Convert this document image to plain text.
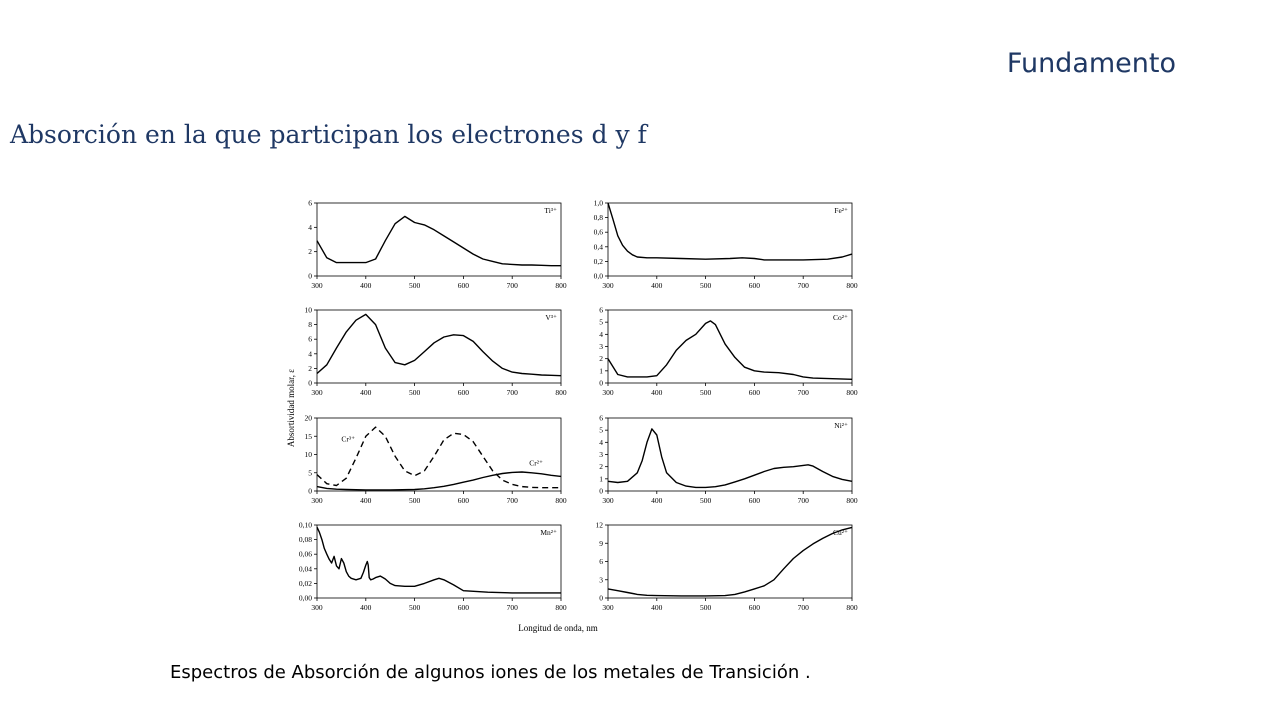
Fundamento
Absorción en la que participan los electrones d y f
300	400	500	600	700	800
0
2
4
6
Ti³⁺
300	400	500	600	700	800
0,0
0,2
0,4
0,6
0,8
1,0
Fe²⁺
300	400	500	600	700	800
0
2
4
6
8
10
V³⁺
300	400	500	600	700	800
0
1
2
3
4
5
6
Co²⁺
300	400	500	600	700	800
0
5
10
15
20
Cr³⁺
Cr²⁺
300	400	500	600	700	800
0
1
2
3
4
5
6
Ni²⁺
300	400	500	600	700	800
0,00
0,02
0,04
0,06
0,08
0,10
Mn²⁺
300	400	500	600	700	800
0
3
6
9
12
Cu²⁺
Absortividad molar, ε
Longitud de onda, nm
Espectros de Absorción de algunos iones de los metales de Transición .
